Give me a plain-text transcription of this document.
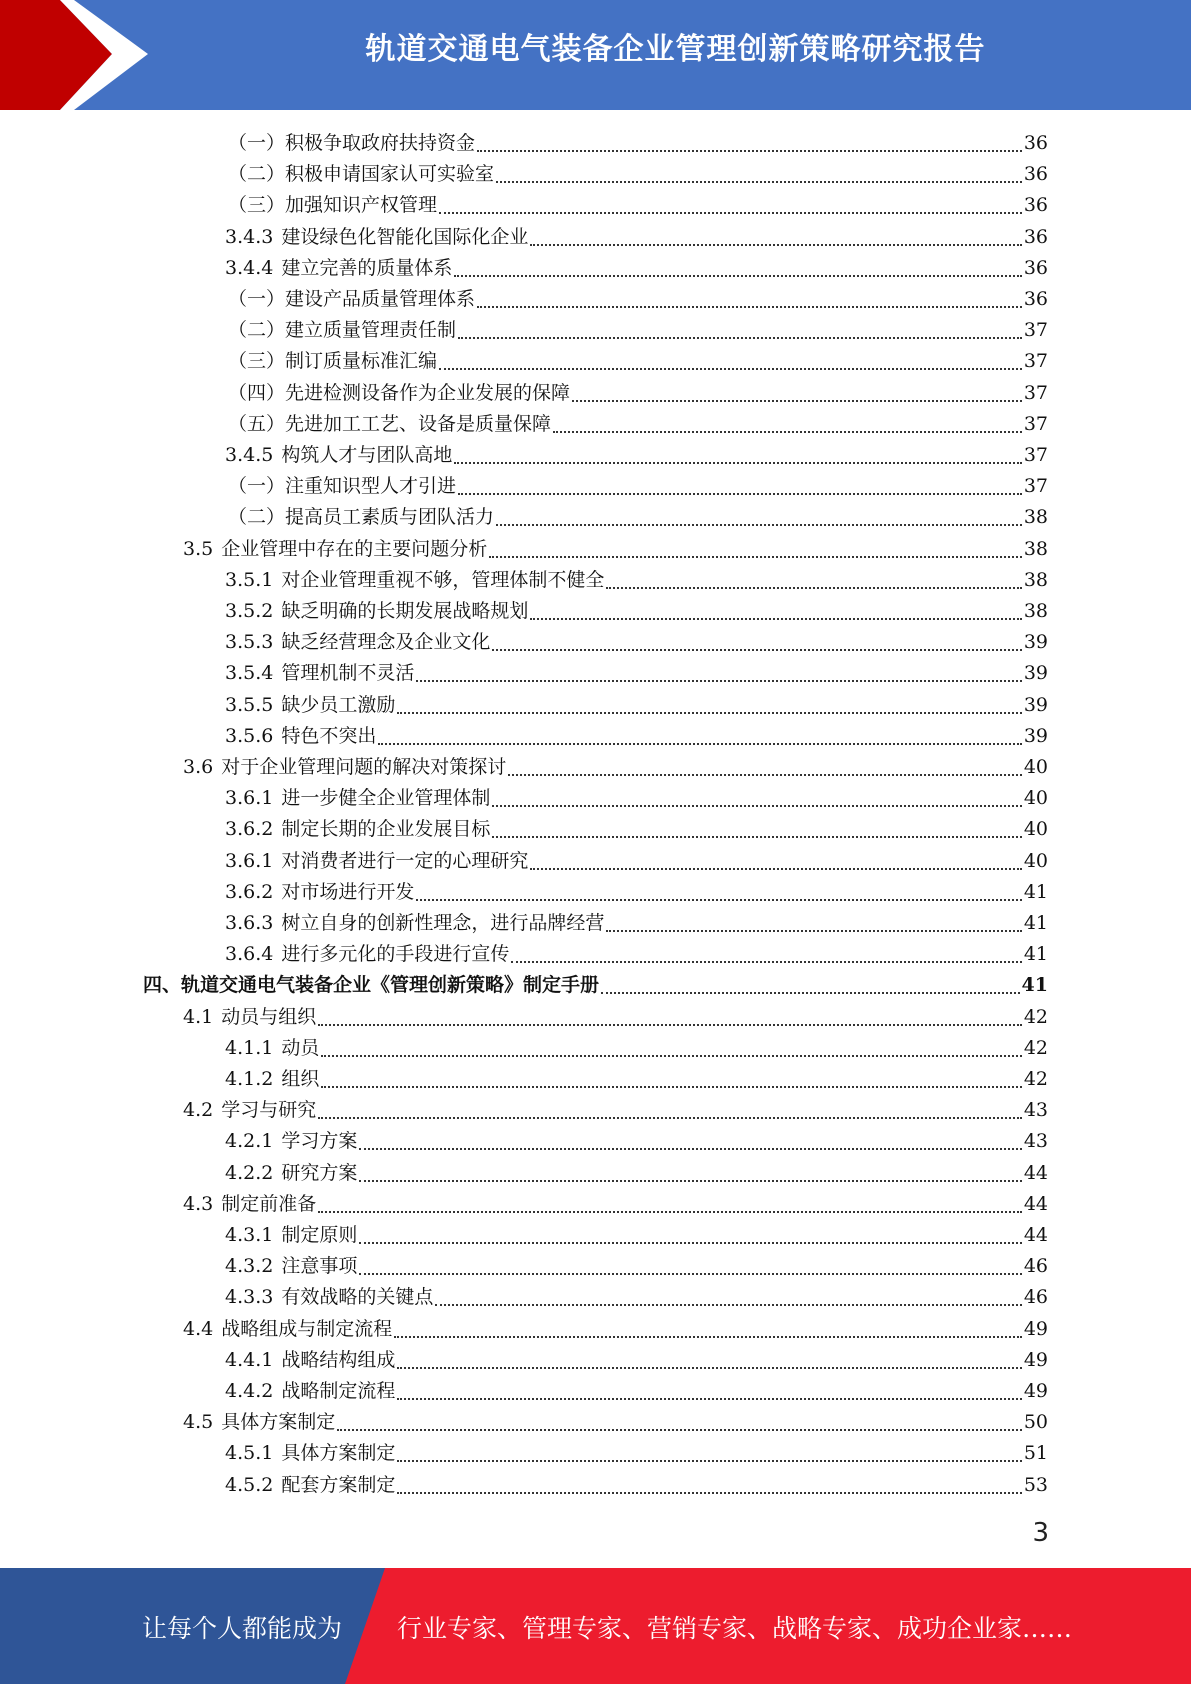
轨道交通电气装备企业管理创新策略研究报告
（一）积极争取政府扶持资金	36
（二）积极申请国家认可实验室	36
（三）加强知识产权管理	36
3.4.3 建设绿色化智能化国际化企业	36
3.4.4 建立完善的质量体系	36
（一）建设产品质量管理体系	36
（二）建立质量管理责任制	37
（三）制订质量标准汇编	37
（四）先进检测设备作为企业发展的保障	37
（五）先进加工工艺、设备是质量保障	37
3.4.5 构筑人才与团队高地	37
（一）注重知识型人才引进	37
（二）提高员工素质与团队活力	38
3.5 企业管理中存在的主要问题分析	38
3.5.1 对企业管理重视不够，管理体制不健全	38
3.5.2 缺乏明确的长期发展战略规划	38
3.5.3 缺乏经营理念及企业文化	39
3.5.4 管理机制不灵活	39
3.5.5 缺少员工激励	39
3.5.6 特色不突出	39
3.6 对于企业管理问题的解决对策探讨	40
3.6.1 进一步健全企业管理体制	40
3.6.2 制定长期的企业发展目标	40
3.6.1 对消费者进行一定的心理研究	40
3.6.2 对市场进行开发	41
3.6.3 树立自身的创新性理念，进行品牌经营	41
3.6.4 进行多元化的手段进行宣传	41
四、轨道交通电气装备企业《管理创新策略》制定手册	41
4.1 动员与组织	42
4.1.1 动员	42
4.1.2 组织	42
4.2 学习与研究	43
4.2.1 学习方案	43
4.2.2 研究方案	44
4.3 制定前准备	44
4.3.1 制定原则	44
4.3.2 注意事项	46
4.3.3 有效战略的关键点	46
4.4 战略组成与制定流程	49
4.4.1 战略结构组成	49
4.4.2 战略制定流程	49
4.5 具体方案制定	50
4.5.1 具体方案制定	51
4.5.2 配套方案制定	53
3
让每个人都能成为 行业专家、管理专家、营销专家、战略专家、成功企业家……
